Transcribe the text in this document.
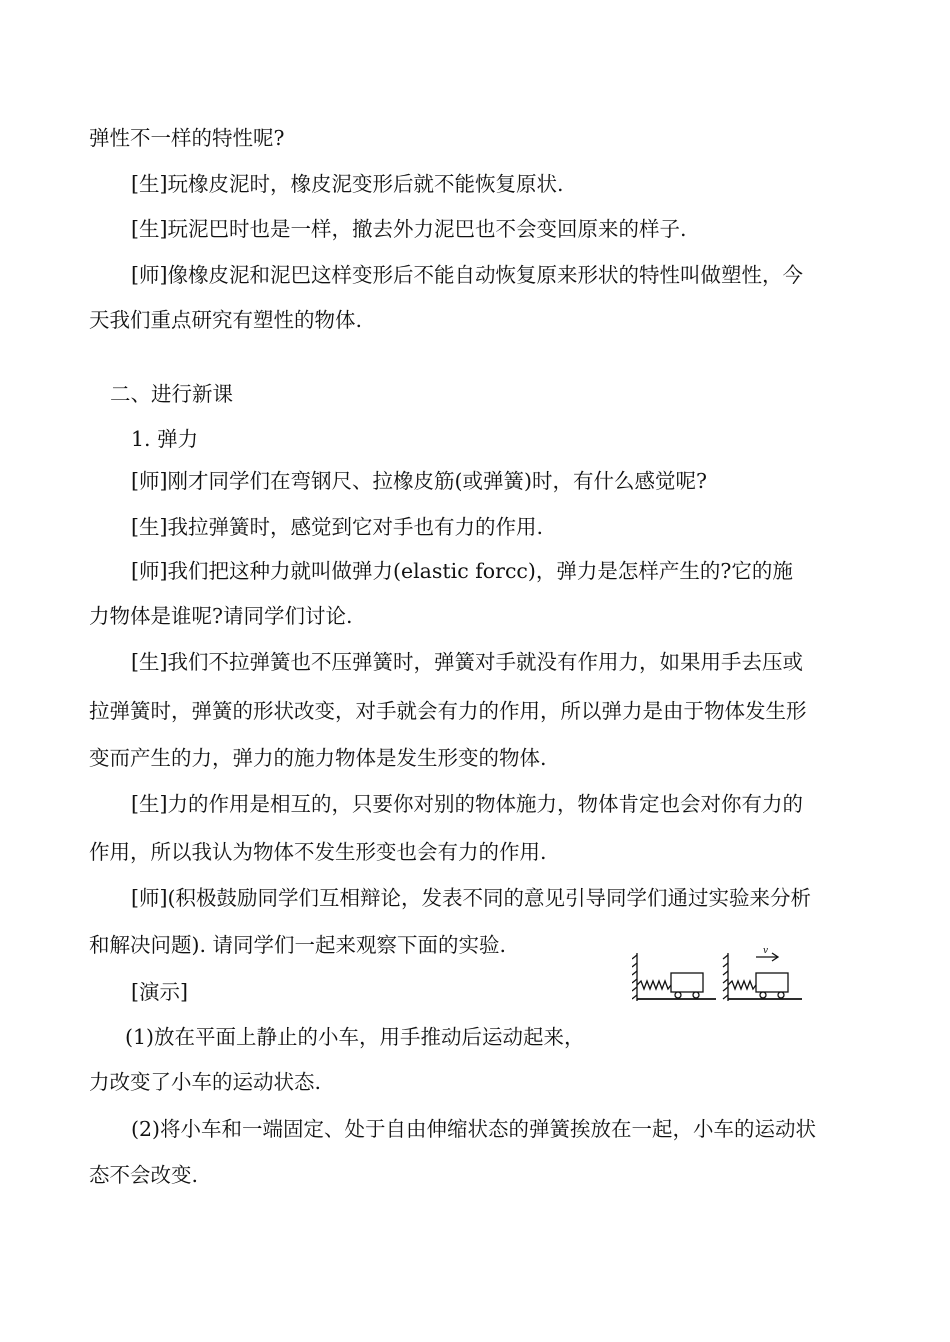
弹性不一样的特性呢?
[生]玩橡皮泥时，橡皮泥变形后就不能恢复原状.
[生]玩泥巴时也是一样，撤去外力泥巴也不会变回原来的样子.
[师]像橡皮泥和泥巴这样变形后不能自动恢复原来形状的特性叫做塑性，今
天我们重点研究有塑性的物体.
二、进行新课
1. 弹力
[师]刚才同学们在弯钢尺、拉橡皮筋(或弹簧)时，有什么感觉呢?
[生]我拉弹簧时，感觉到它对手也有力的作用.
[师]我们把这种力就叫做弹力(elastic forcc)，弹力是怎样产生的?它的施
力物体是谁呢?请同学们讨论.
[生]我们不拉弹簧也不压弹簧时，弹簧对手就没有作用力，如果用手去压或
拉弹簧时，弹簧的形状改变，对手就会有力的作用，所以弹力是由于物体发生形
变而产生的力，弹力的施力物体是发生形变的物体.
[生]力的作用是相互的，只要你对别的物体施力，物体肯定也会对你有力的
作用，所以我认为物体不发生形变也会有力的作用.
[师](积极鼓励同学们互相辩论，发表不同的意见引导同学们通过实验来分析
和解决问题). 请同学们一起来观察下面的实验.
[演示]
(1)放在平面上静止的小车，用手推动后运动起来，
力改变了小车的运动状态.
(2)将小车和一端固定、处于自由伸缩状态的弹簧挨放在一起，小车的运动状
态不会改变.
v
